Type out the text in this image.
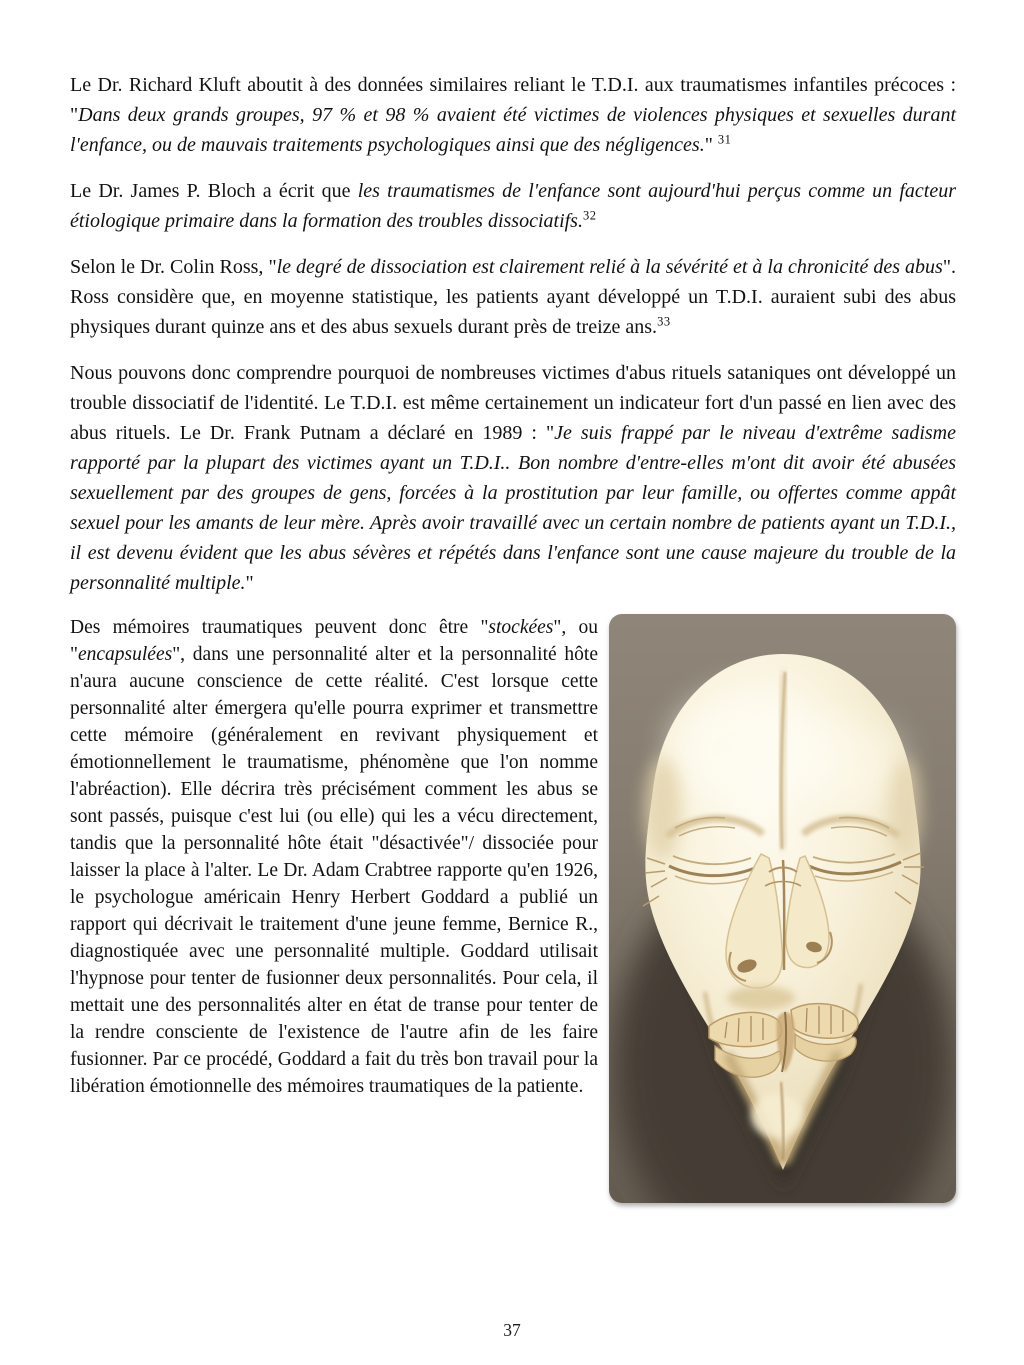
Le Dr. Richard Kluft aboutit à des données similaires reliant le T.D.I. aux traumatismes infantiles précoces : "Dans deux grands groupes, 97 % et 98 % avaient été victimes de violences physiques et sexuelles durant l'enfance, ou de mauvais traitements psychologiques ainsi que des négligences." $^{31}$

Le Dr. James P. Bloch a écrit que les traumatismes de l'enfance sont aujourd'hui perçus comme un facteur étiologique primaire dans la formation des troubles dissociatifs.$^{32}$

Selon le Dr. Colin Ross, "le degré de dissociation est clairement relié à la sévérité et à la chronicité des abus". Ross considère que, en moyenne statistique, les patients ayant développé un T.D.I. auraient subi des abus physiques durant quinze ans et des abus sexuels durant près de treize ans.$^{33}$

Nous pouvons donc comprendre pourquoi de nombreuses victimes d'abus rituels sataniques ont développé un trouble dissociatif de l'identité. Le T.D.I. est même certainement un indicateur fort d'un passé en lien avec des abus rituels. Le Dr. Frank Putnam a déclaré en 1989 : "Je suis frappé par le niveau d'extrême sadisme rapporté par la plupart des victimes ayant un T.D.I.. Bon nombre d'entre-elles m'ont dit avoir été abusées sexuellement par des groupes de gens, forcées à la prostitution par leur famille, ou offertes comme appât sexuel pour les amants de leur mère. Après avoir travaillé avec un certain nombre de patients ayant un T.D.I., il est devenu évident que les abus sévères et répétés dans l'enfance sont une cause majeure du trouble de la personnalité multiple."

Des mémoires traumatiques peuvent donc être "stockées", ou "encapsulées", dans une personnalité alter et la personnalité hôte n'aura aucune conscience de cette réalité. C'est lorsque cette personnalité alter émergera qu'elle pourra exprimer et transmettre cette mémoire (généralement en revivant physiquement et émotionnellement le traumatisme, phénomène que l'on nomme l'abréaction). Elle décrira très précisément comment les abus se sont passés, puisque c'est lui (ou elle) qui les a vécu directement, tandis que la personnalité hôte était "désactivée"/ dissociée pour laisser la place à l'alter. Le Dr. Adam Crabtree rapporte qu'en 1926, le psychologue américain Henry Herbert Goddard a publié un rapport qui décrivait le traitement d'une jeune femme, Bernice R., diagnostiquée avec une personnalité multiple. Goddard utilisait l'hypnose pour tenter de fusionner deux personnalités. Pour cela, il mettait une des personnalités alter en état de transe pour tenter de la rendre consciente de l'existence de l'autre afin de les faire fusionner. Par ce procédé, Goddard a fait du très bon travail pour la libération émotionnelle des mémoires traumatiques de la patiente.

37
